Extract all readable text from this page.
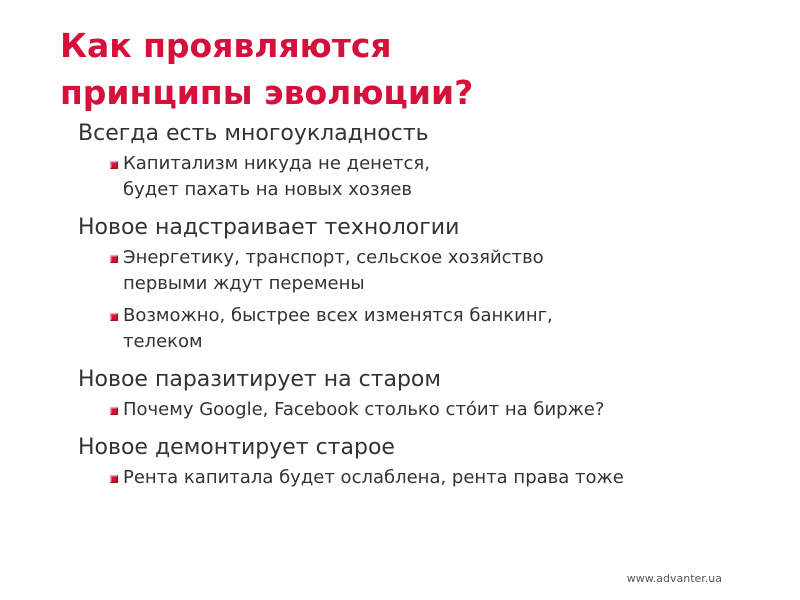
Как проявляются
принципы эволюции?

Всегда есть многоукладность

Капитализм никуда не денется,
будет пахать на новых хозяев

Новое надстраивает технологии

Энергетику, транспорт, сельское хозяйство
первыми ждут перемены
Возможно, быстрее всех изменятся банкинг,
телеком

Новое паразитирует на старом

Почему Google, Facebook столько сто́ит на бирже?

Новое демонтирует старое

Рента капитала будет ослаблена, рента права тоже
www.advanter.ua
